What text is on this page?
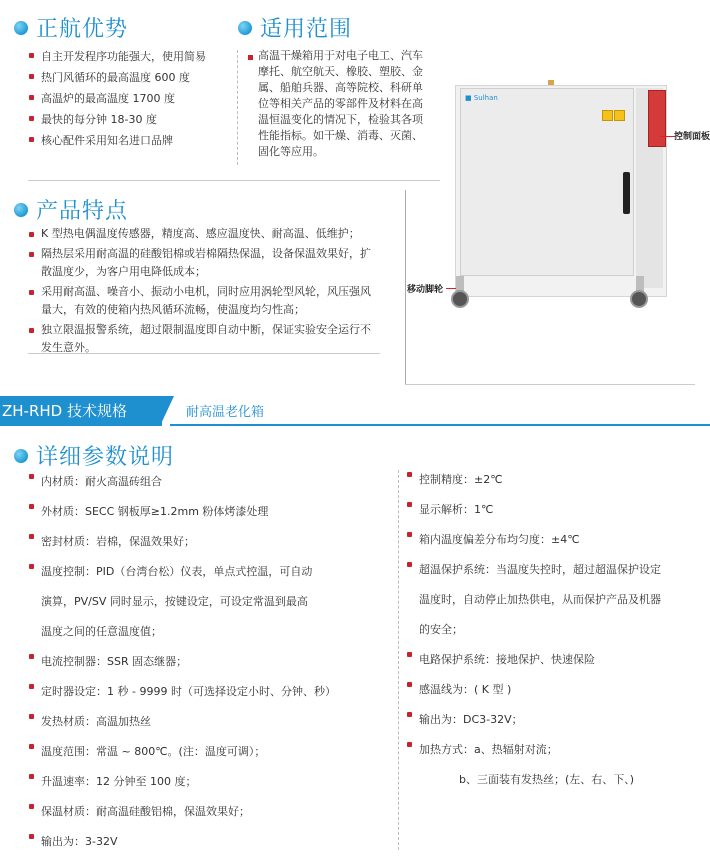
正航优势
自主开发程序功能强大，使用简易
热门风循环的最高温度 600 度
高温炉的最高温度 1700 度
最快的每分钟 18-30 度
核心配件采用知名进口品牌
适用范围
高温干燥箱用于对电子电工、汽车
摩托、航空航天、橡胶、塑胶、金
属、船舶兵器、高等院校、科研单
位等相关产品的零部件及材料在高
温恒温变化的情况下，检验其各项
性能指标。如干燥、消毒、灭菌、
固化等应用。
产品特点
K 型热电偶温度传感器，精度高、感应温度快、耐高温、低维护；
隔热层采用耐高温的硅酸铝棉或岩棉隔热保温，设备保温效果好，扩
散温度少，为客户用电降低成本；
采用耐高温、噪音小、振动小电机，同时应用涡轮型风轮，风压强风
量大，有效的使箱内热风循环流畅，使温度均匀性高；
独立限温报警系统，超过限制温度即自动中断，保证实验安全运行不
发生意外。
■ Sulhan
控制面板
移动脚轮
ZH-RHD 技术规格	耐高温老化箱
详细参数说明
内材质：耐火高温砖组合
外材质：SECC 钢板厚≥1.2mm 粉体烤漆处理
密封材质：岩棉，保温效果好；
温度控制：PID（台湾台松）仪表，单点式控温，可自动
演算，PV/SV 同时显示，按键设定，可设定常温到最高
温度之间的任意温度值；
电流控制器：SSR 固态继器；
定时器设定：1 秒 - 9999 时（可选择设定小时、分钟、秒）
发热材质：高温加热丝
温度范围：常温 ~ 800℃。(注：温度可调）；
升温速率：12 分钟至 100 度；
保温材质：耐高温硅酸铝棉，保温效果好；
输出为：3-32V
控制精度：±2℃
显示解析：1℃
箱内温度偏差分布均匀度：±4℃
超温保护系统：当温度失控时，超过超温保护设定
温度时，自动停止加热供电，从而保护产品及机器
的安全；
电路保护系统：接地保护、快速保险
感温线为：( K 型 )
输出为：DC3-32V；
加热方式：a、热辐射对流；
b、三面装有发热丝；(左、右、下、)
